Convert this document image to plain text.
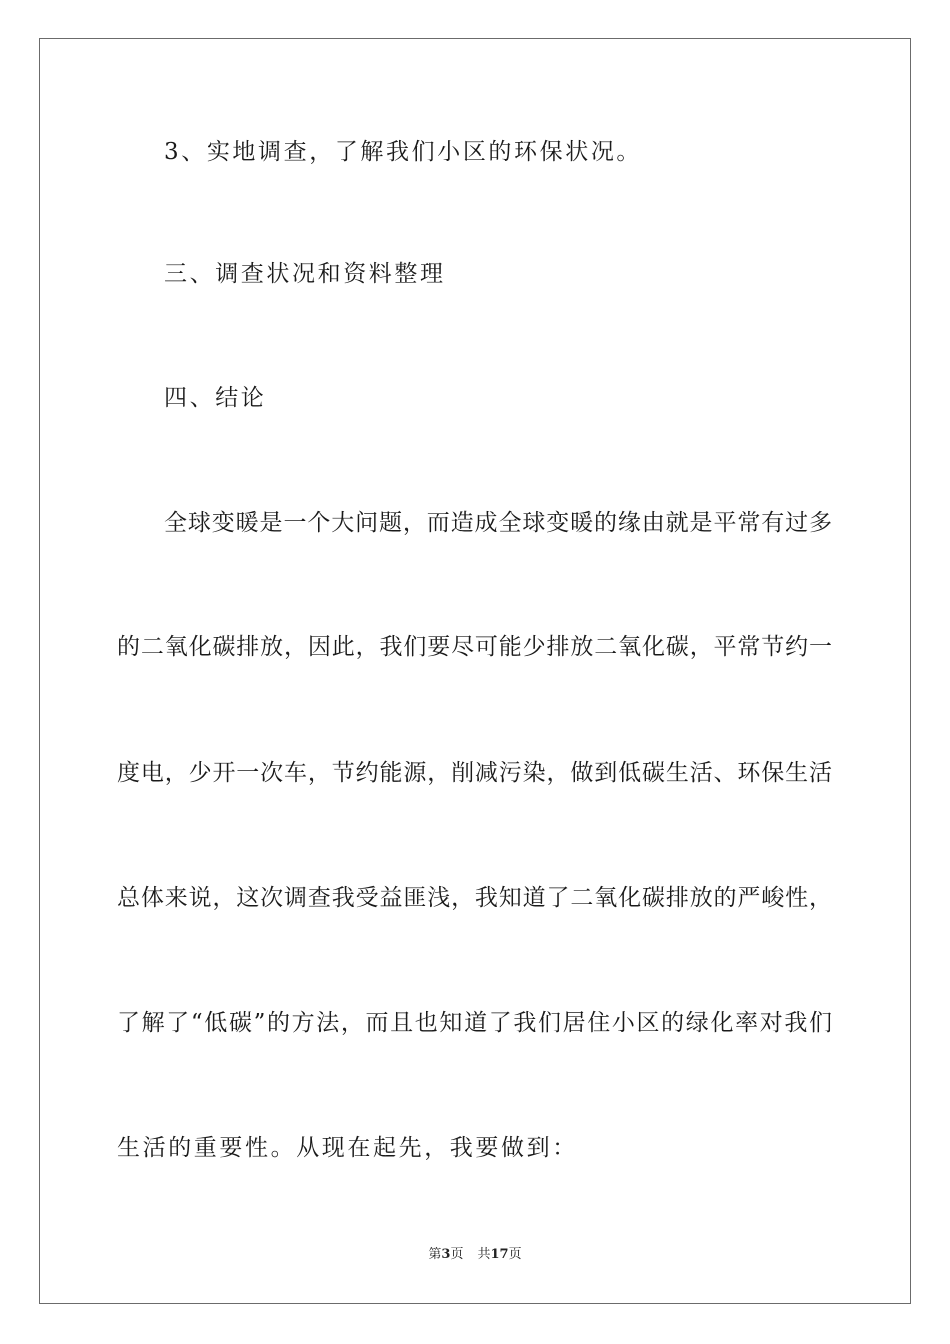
3、实地调查，了解我们小区的环保状况。

三、调查状况和资料整理

四、结论

全球变暖是一个大问题，而造成全球变暖的缘由就是平常有过多

的二氧化碳排放，因此，我们要尽可能少排放二氧化碳，平常节约一

度电，少开一次车，节约能源，削减污染，做到低碳生活、环保生活

总体来说，这次调查我受益匪浅，我知道了二氧化碳排放的严峻性，

了解了“低碳”的方法，而且也知道了我们居住小区的绿化率对我们

生活的重要性。从现在起先，我要做到：

第3页 共17页
